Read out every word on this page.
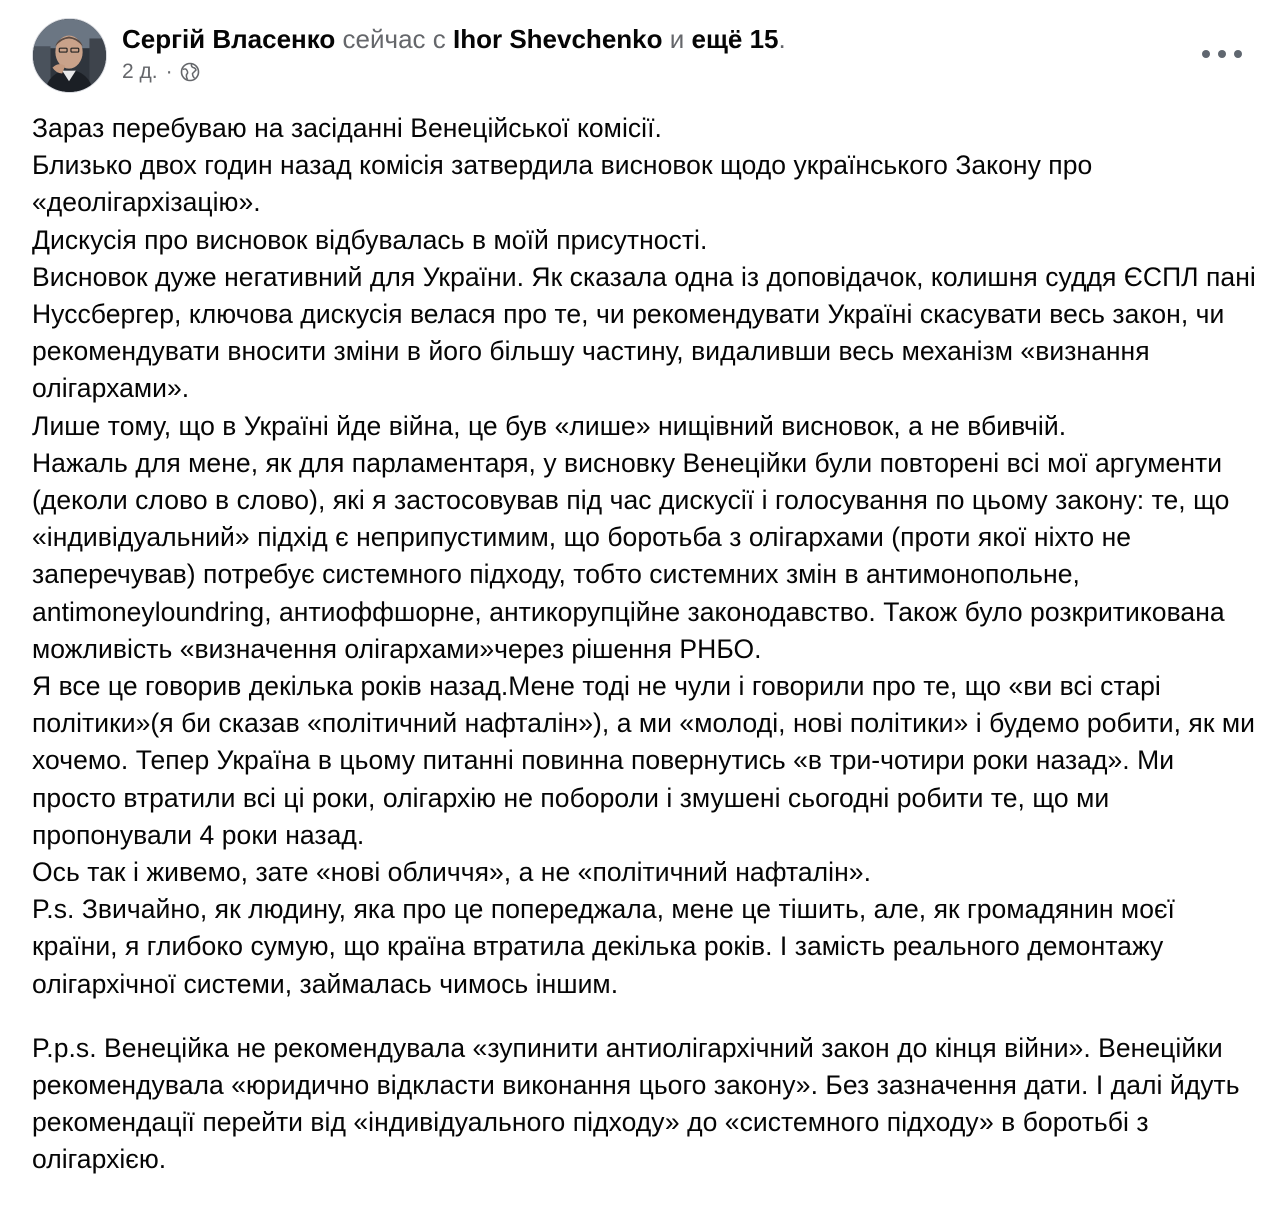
Сергій Власенко сейчас с Ihor Shevchenko и ещё 15.
2 д. ·

Зараз перебуваю на засіданні Венеційської комісії.

Близько двох годин назад комісія затвердила висновок щодо українського Закону про «деолігархізацію».

Дискусія про висновок відбувалась в моїй присутності.

Висновок дуже негативний для України. Як сказала одна із доповідачок, колишня суддя ЄСПЛ пані Нуссбергер, ключова дискусія велася про те, чи рекомендувати Україні скасувати весь закон, чи рекомендувати вносити зміни в його більшу частину, видаливши весь механізм «визнання олігархами».

Лише тому, що в Україні йде війна, це був «лише» нищівний висновок, а не вбивчій.

Нажаль для мене, як для парламентаря, у висновку Венеційки були повторені всі мої аргументи (деколи слово в слово), які я застосовував під час дискусії і голосування по цьому закону: те, що «індивідуальний» підхід є неприпустимим, що боротьба з олігархами (проти якої ніхто не заперечував) потребує системного підходу, тобто системних змін в антимонопольне, antimoneyloundring, антиоффшорне, антикорупційне законодавство. Також було розкритикована можливість «визначення олігархами»через рішення РНБО.

Я все це говорив декілька років назад.Мене тоді не чули і говорили про те, що «ви всі старі політики»(я би сказав «політичний нафталін»), а ми «молоді, нові політики» і будемо робити, як ми хочемо. Тепер Україна в цьому питанні повинна повернутись «в три-чотири роки назад». Ми просто втратили всі ці роки, олігархію не побороли і змушені сьогодні робити те, що ми пропонували 4 роки назад.

Ось так і живемо, зате «нові обличчя», а не «політичний нафталін».

P.s. Звичайно, як людину, яка про це попереджала, мене це тішить, але, як громадянин моєї країни, я глибоко сумую, що країна втратила декілька років. І замість реального демонтажу олігархічної системи, займалась чимось іншим.

P.p.s. Венеційка не рекомендувала «зупинити антиолігархічний закон до кінця війни». Венеційки рекомендувала «юридично відкласти виконання цього закону». Без зазначення дати. І далі йдуть рекомендації перейти від «індивідуального підходу» до «системного підходу» в боротьбі з олігархією.
